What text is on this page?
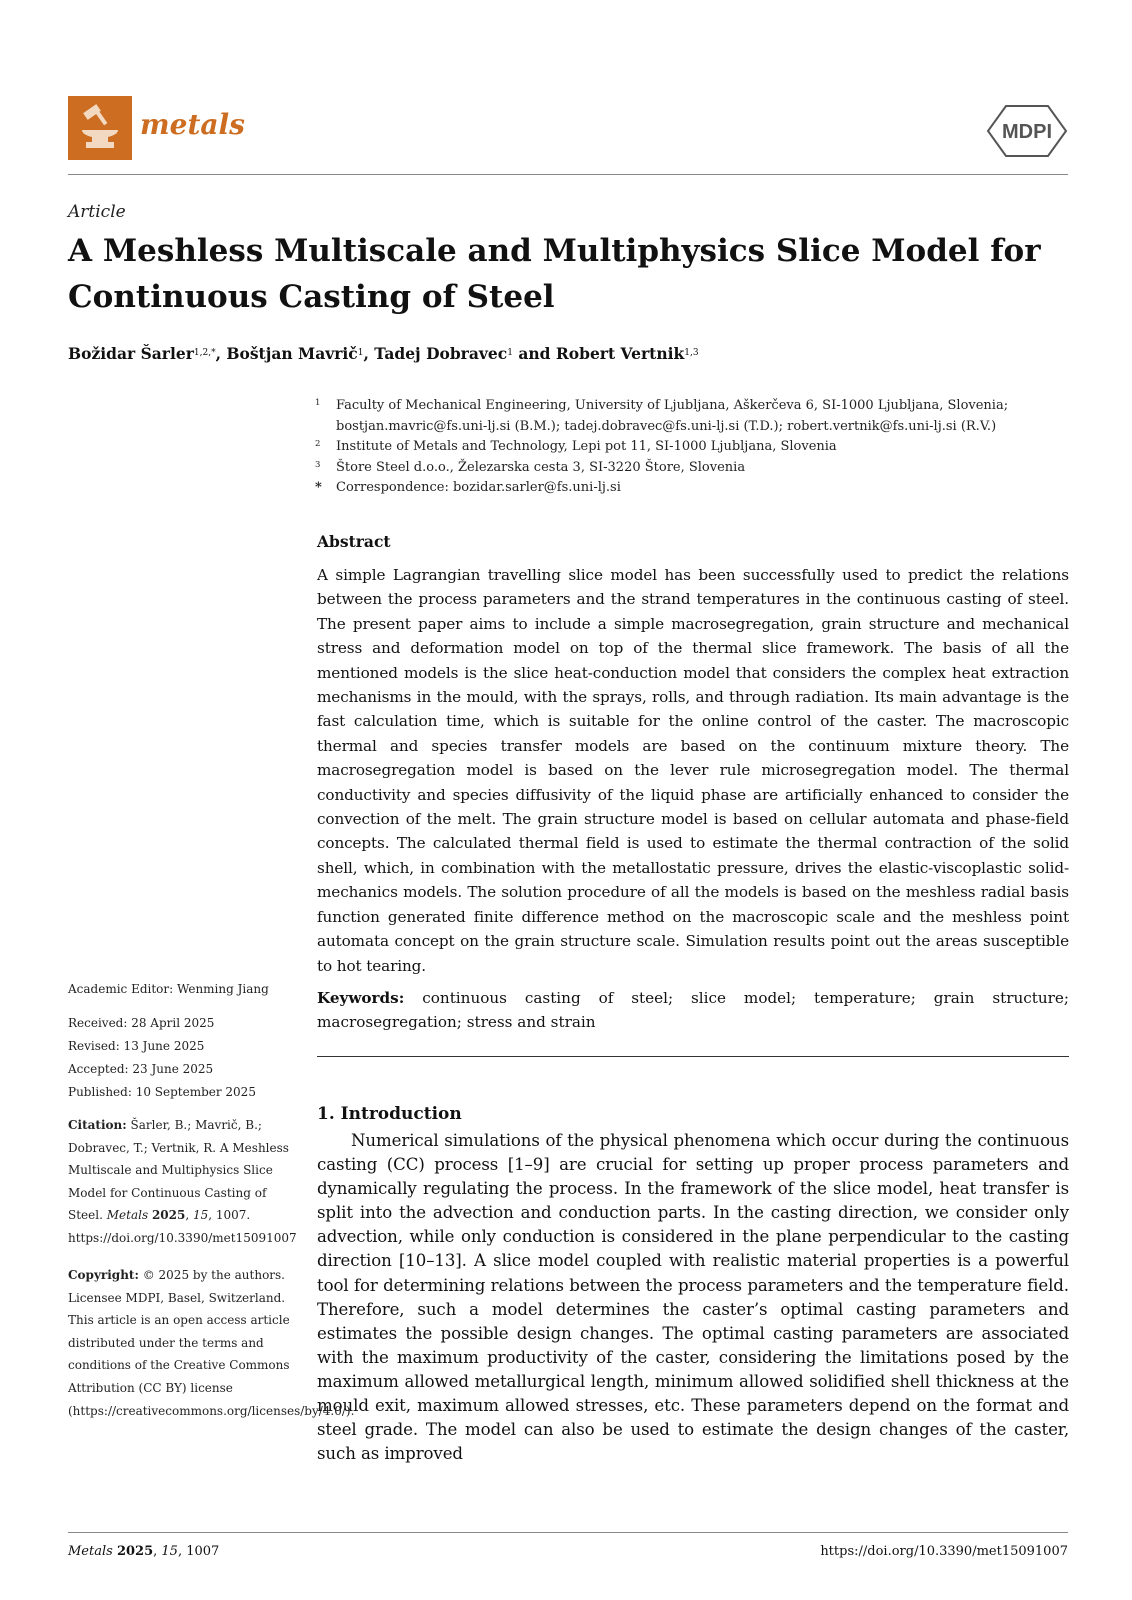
metals	MDPI
Article
A Meshless Multiscale and Multiphysics Slice Model for Continuous Casting of Steel
Božidar Šarler$^{1,2,*}$, Boštjan Mavrič$^1$, Tadej Dobravec$^1$ and Robert Vertnik$^{1,3}$
1 Faculty of Mechanical Engineering, University of Ljubljana, Aškerčeva 6, SI-1000 Ljubljana, Slovenia; bostjan.mavric@fs.uni-lj.si (B.M.); tadej.dobravec@fs.uni-lj.si (T.D.); robert.vertnik@fs.uni-lj.si (R.V.)
2 Institute of Metals and Technology, Lepi pot 11, SI-1000 Ljubljana, Slovenia
3 Štore Steel d.o.o., Železarska cesta 3, SI-3220 Štore, Slovenia
* Correspondence: bozidar.sarler@fs.uni-lj.si
Abstract

A simple Lagrangian travelling slice model has been successfully used to predict the relations between the process parameters and the strand temperatures in the continuous casting of steel. The present paper aims to include a simple macrosegregation, grain structure and mechanical stress and deformation model on top of the thermal slice framework. The basis of all the mentioned models is the slice heat-conduction model that considers the complex heat extraction mechanisms in the mould, with the sprays, rolls, and through radiation. Its main advantage is the fast calculation time, which is suitable for the online control of the caster. The macroscopic thermal and species transfer models are based on the continuum mixture theory. The macrosegregation model is based on the lever rule microsegregation model. The thermal conductivity and species diffusivity of the liquid phase are artificially enhanced to consider the convection of the melt. The grain structure model is based on cellular automata and phase-field concepts. The calculated thermal field is used to estimate the thermal contraction of the solid shell, which, in combination with the metallostatic pressure, drives the elastic-viscoplastic solid-mechanics models. The solution procedure of all the models is based on the meshless radial basis function generated finite difference method on the macroscopic scale and the meshless point automata concept on the grain structure scale. Simulation results point out the areas susceptible to hot tearing.

Keywords: continuous casting of steel; slice model; temperature; grain structure; macrosegregation; stress and strain

1. Introduction

Numerical simulations of the physical phenomena which occur during the continuous casting (CC) process [1–9] are crucial for setting up proper process parameters and dynamically regulating the process. In the framework of the slice model, heat transfer is split into the advection and conduction parts. In the casting direction, we consider only advection, while only conduction is considered in the plane perpendicular to the casting direction [10–13]. A slice model coupled with realistic material properties is a powerful tool for determining relations between the process parameters and the temperature field. Therefore, such a model determines the caster’s optimal casting parameters and estimates the possible design changes. The optimal casting parameters are associated with the maximum productivity of the caster, considering the limitations posed by the maximum allowed metallurgical length, minimum allowed solidified shell thickness at the mould exit, maximum allowed stresses, etc. These parameters depend on the format and steel grade. The model can also be used to estimate the design changes of the caster, such as improved

Academic Editor: Wenming Jiang
Received: 28 April 2025
Revised: 13 June 2025
Accepted: 23 June 2025
Published: 10 September 2025
Citation: Šarler, B.; Mavrič, B.; Dobravec, T.; Vertnik, R. A Meshless Multiscale and Multiphysics Slice Model for Continuous Casting of Steel. Metals 2025, 15, 1007. https://doi.org/10.3390/met15091007
Copyright: © 2025 by the authors. Licensee MDPI, Basel, Switzerland. This article is an open access article distributed under the terms and conditions of the Creative Commons Attribution (CC BY) license (https://creativecommons.org/licenses/by/4.0/).
Metals 2025, 15, 1007	https://doi.org/10.3390/met15091007
